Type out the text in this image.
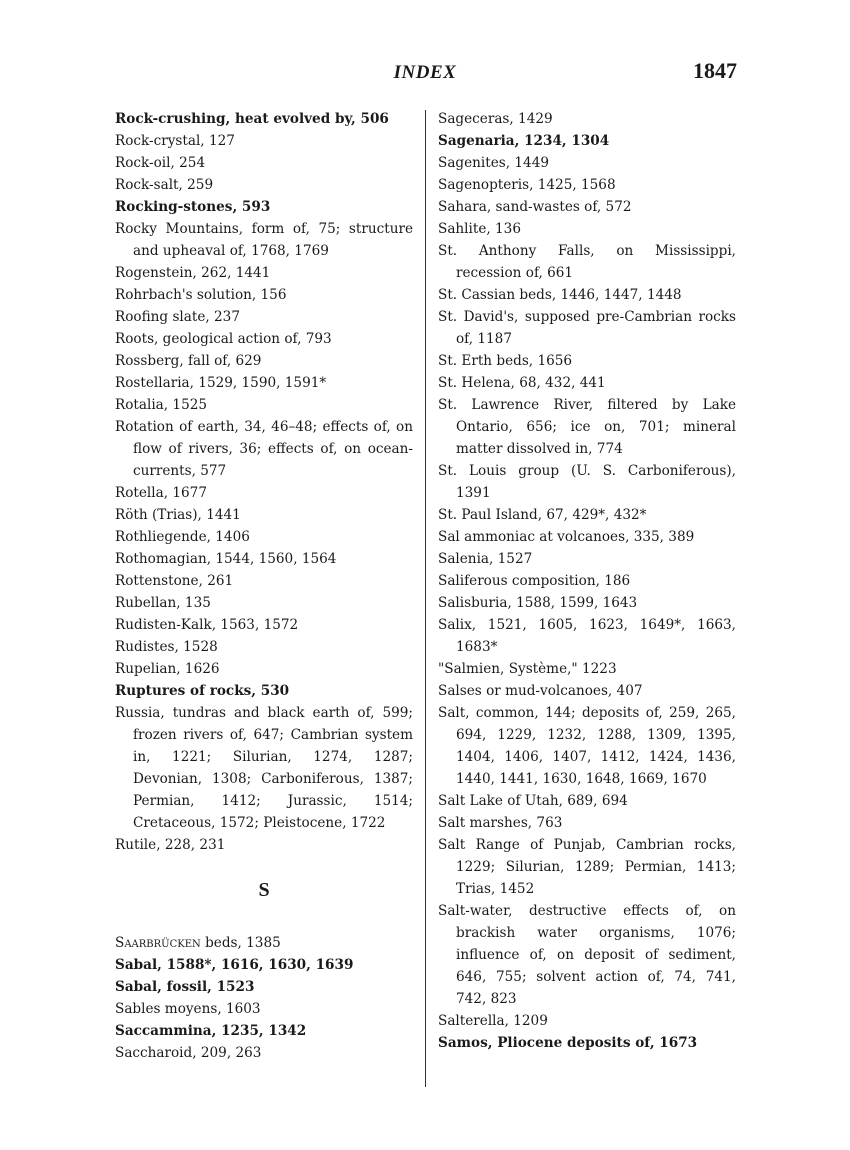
INDEX	1847
Rock-crushing, heat evolved by, 506
Rock-crystal, 127
Rock-oil, 254
Rock-salt, 259
Rocking-stones, 593
Rocky Mountains, form of, 75; structure and upheaval of, 1768, 1769
Rogenstein, 262, 1441
Rohrbach's solution, 156
Roofing slate, 237
Roots, geological action of, 793
Rossberg, fall of, 629
Rostellaria, 1529, 1590, 1591*
Rotalia, 1525
Rotation of earth, 34, 46–48; effects of, on flow of rivers, 36; effects of, on ocean-currents, 577
Rotella, 1677
Röth (Trias), 1441
Rothliegende, 1406
Rothomagian, 1544, 1560, 1564
Rottenstone, 261
Rubellan, 135
Rudisten-Kalk, 1563, 1572
Rudistes, 1528
Rupelian, 1626
Ruptures of rocks, 530
Russia, tundras and black earth of, 599; frozen rivers of, 647; Cambrian system in, 1221; Silurian, 1274, 1287; Devonian, 1308; Carboniferous, 1387; Permian, 1412; Jurassic, 1514; Cretaceous, 1572; Pleistocene, 1722
Rutile, 228, 231
S
Saarbrücken beds, 1385
Sabal, 1588*, 1616, 1630, 1639
Sabal, fossil, 1523
Sables moyens, 1603
Saccammina, 1235, 1342
Saccharoid, 209, 263
Sageceras, 1429
Sagenaria, 1234, 1304
Sagenites, 1449
Sagenopteris, 1425, 1568
Sahara, sand-wastes of, 572
Sahlite, 136
St. Anthony Falls, on Mississippi, recession of, 661
St. Cassian beds, 1446, 1447, 1448
St. David's, supposed pre-Cambrian rocks of, 1187
St. Erth beds, 1656
St. Helena, 68, 432, 441
St. Lawrence River, filtered by Lake Ontario, 656; ice on, 701; mineral matter dissolved in, 774
St. Louis group (U. S. Carboniferous), 1391
St. Paul Island, 67, 429*, 432*
Sal ammoniac at volcanoes, 335, 389
Salenia, 1527
Saliferous composition, 186
Salisburia, 1588, 1599, 1643
Salix, 1521, 1605, 1623, 1649*, 1663, 1683*
"Salmien, Système," 1223
Salses or mud-volcanoes, 407
Salt, common, 144; deposits of, 259, 265, 694, 1229, 1232, 1288, 1309, 1395, 1404, 1406, 1407, 1412, 1424, 1436, 1440, 1441, 1630, 1648, 1669, 1670
Salt Lake of Utah, 689, 694
Salt marshes, 763
Salt Range of Punjab, Cambrian rocks, 1229; Silurian, 1289; Permian, 1413; Trias, 1452
Salt-water, destructive effects of, on brackish water organisms, 1076; influence of, on deposit of sediment, 646, 755; solvent action of, 74, 741, 742, 823
Salterella, 1209
Samos, Pliocene deposits of, 1673
